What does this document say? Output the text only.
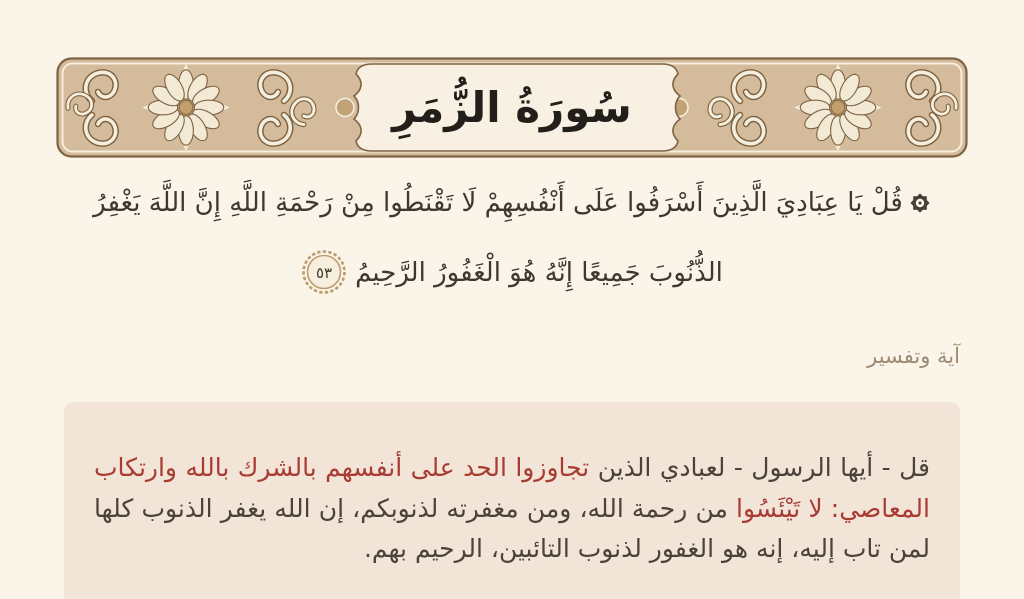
سُورَةُ الزُّمَرِ
قُلْ يَا عِبَادِيَ الَّذِينَ أَسْرَفُوا عَلَى أَنْفُسِهِمْ لَا تَقْنَطُوا مِنْ رَحْمَةِ اللَّهِ إِنَّ اللَّهَ يَغْفِرُ
الذُّنُوبَ جَمِيعًا إِنَّهُ هُوَ الْغَفُورُ الرَّحِيمُ
٥٣
آية وتفسير

قل - أيها الرسول - لعبادي الذين تجاوزوا الحد على أنفسهم بالشرك بالله وارتكاب المعاصي: لا تَيْئَسُوا من رحمة الله، ومن مغفرته لذنوبكم، إن الله يغفر الذنوب كلها لمن تاب إليه، إنه هو الغفور لذنوب التائبين، الرحيم بهم.
